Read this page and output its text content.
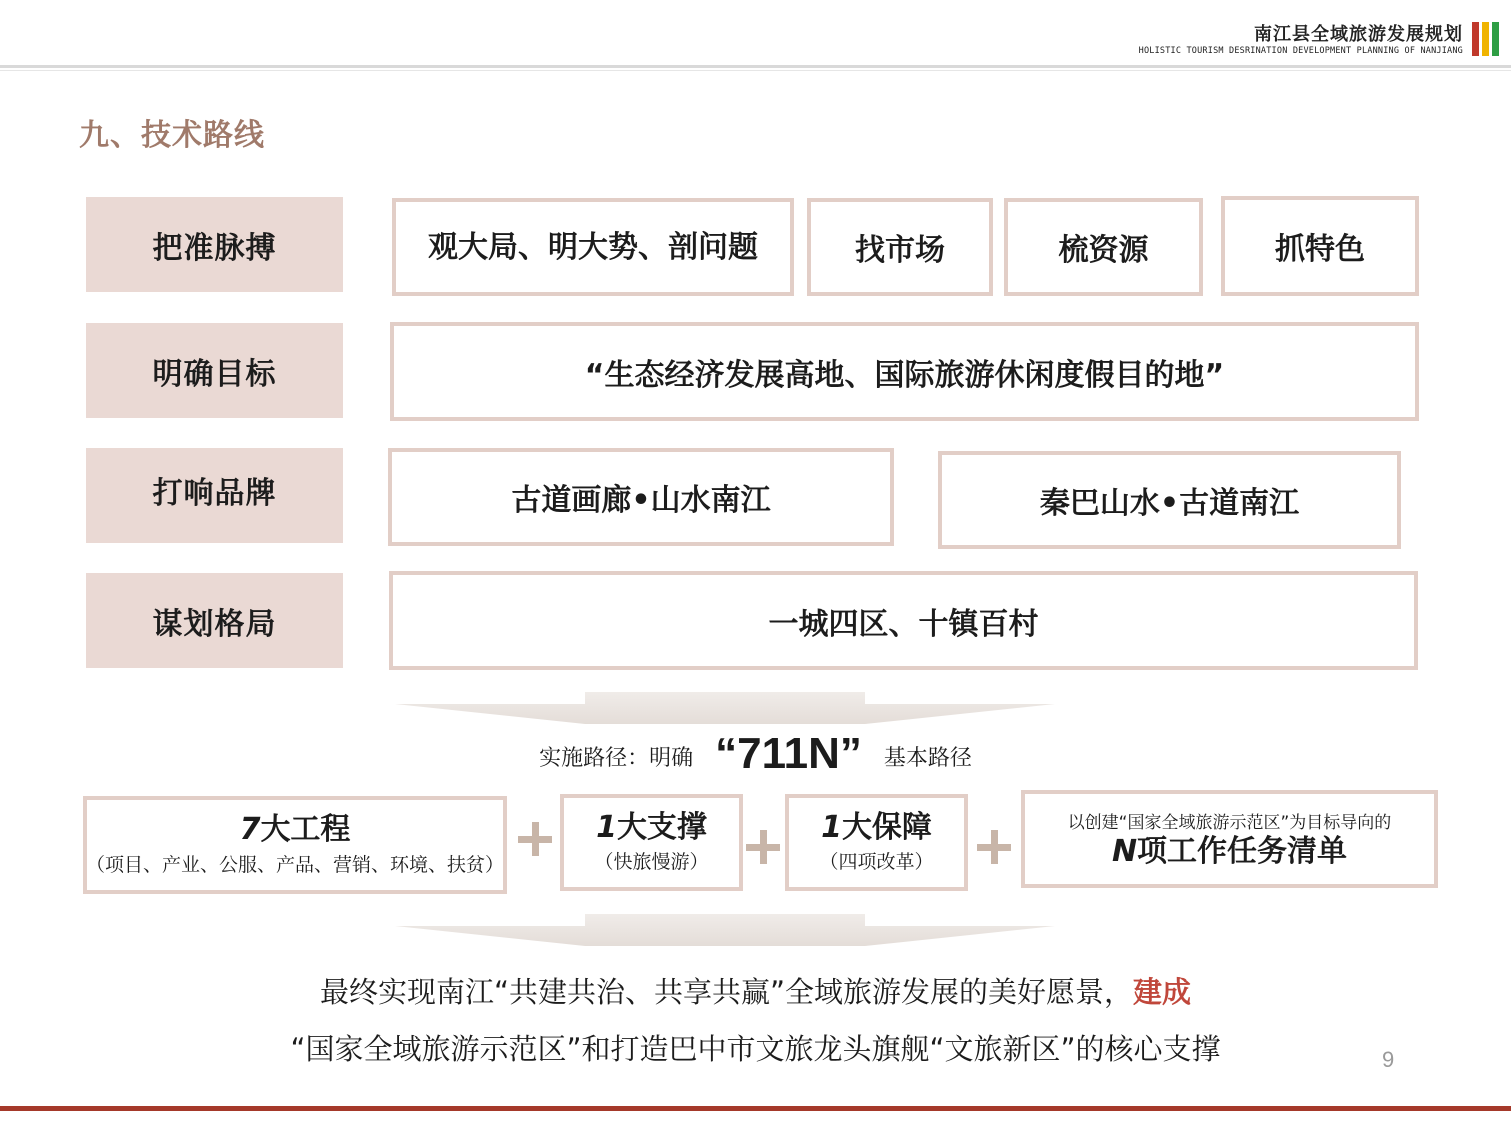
南江县全域旅游发展规划
HOLISTIC TOURISM DESRINATION DEVELOPMENT PLANNING OF NANJIANG
九、技术路线
把准脉搏	观大局、明大势、剖问题	找市场	梳资源	抓特色
明确目标	“生态经济发展高地、国际旅游休闲度假目的地”
打响品牌	古道画廊•山水南江	秦巴山水•古道南江
谋划格局	一城四区、十镇百村
实施路径：明确 “711N” 基本路径
7大工程
（项目、产业、公服、产品、营销、环境、扶贫）
1大支撑
（快旅慢游）
1大保障
（四项改革）
以创建“国家全域旅游示范区”为目标导向的
N项工作任务清单
最终实现南江“共建共治、共享共赢”全域旅游发展的美好愿景，建成
“国家全域旅游示范区”和打造巴中市文旅龙头旗舰“文旅新区”的核心支撑	9
